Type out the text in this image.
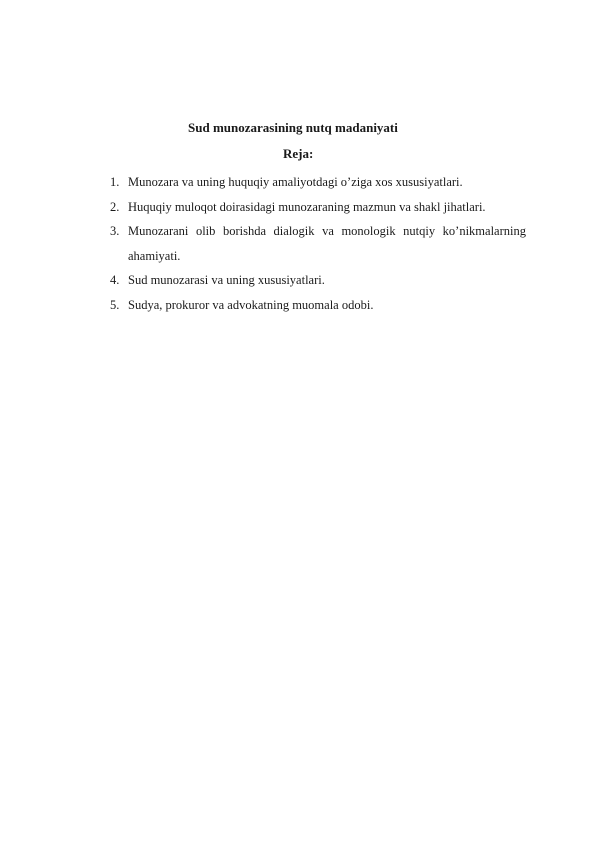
Sud munozarasining nutq madaniyati
Reja:
1. Munozara va uning huquqiy amaliyotdagi o’ziga xos xususiyatlari.
2. Huquqiy muloqot doirasidagi munozaraning mazmun va shakl jihatlari.
3. Munozarani olib borishda dialogik va monologik nutqiy ko’nikmalarning ahamiyati.
4. Sud munozarasi va uning xususiyatlari.
5. Sudya, prokuror va advokatning muomala odobi.
